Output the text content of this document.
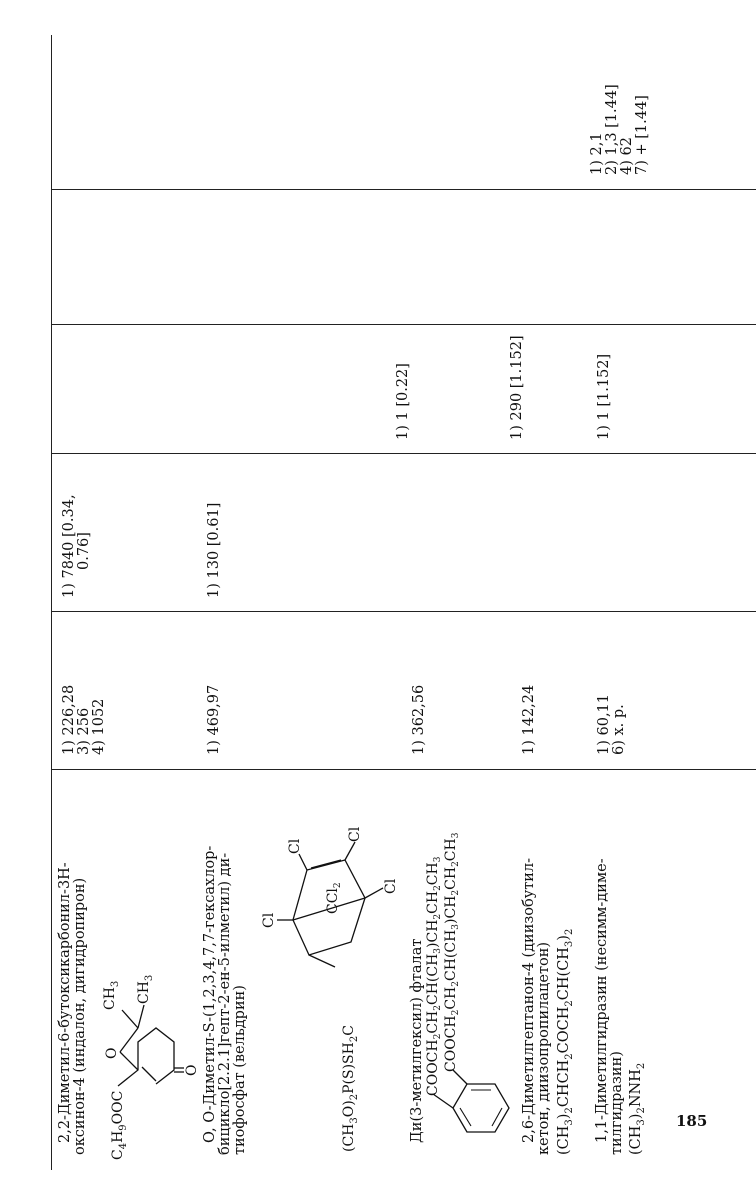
2,2-Диметил-6-бутоксикарбонил-3Н- оксинон-4 (индалон, дигидропирон) $C_4H_9OOC$
O
O
$CH_3$ $CH_3$
1) 226,28 3) 256 4) 1052
1) 7840 [0.34, 0.76]
1) 2,1 2) 1,3 [1.44] 4) 62 7) + [1.44]
O, O-Диметил-S-(1,2,3,4,7,7-гексахлор- бицикло[2.2.1]гепт-2-ен-5-илметил) ди- тиофосфат (вельдрин)
Cl
Cl
Cl
Cl
CCl$_2$
$(CH_3O)_2P(S)SH_2C$
1) 469,97
1) 130 [0.61]
Ди(3-метилгексил) фталат $COOCH_2CH_2CH(CH_3)CH_2CH_2CH_3$
$COOCH_2CH_2CH(CH_3)CH_2CH_2CH_3$
1) 362,56
1) 1 [0.22]
2,6-Диметилгептанон-4 (диизобутил- кетон, диизопропилацетон) $(CH_3)_2CHCH_2COCH_2CH(CH_3)_2$
1) 142,24
1) 290 [1.152]
1,1-Диметилгидразин (несимм-диме- тилгидразин) $(CH_3)_2NNH_2$
1) 60,11 6) х. р.
1) 1 [1.152]
185
